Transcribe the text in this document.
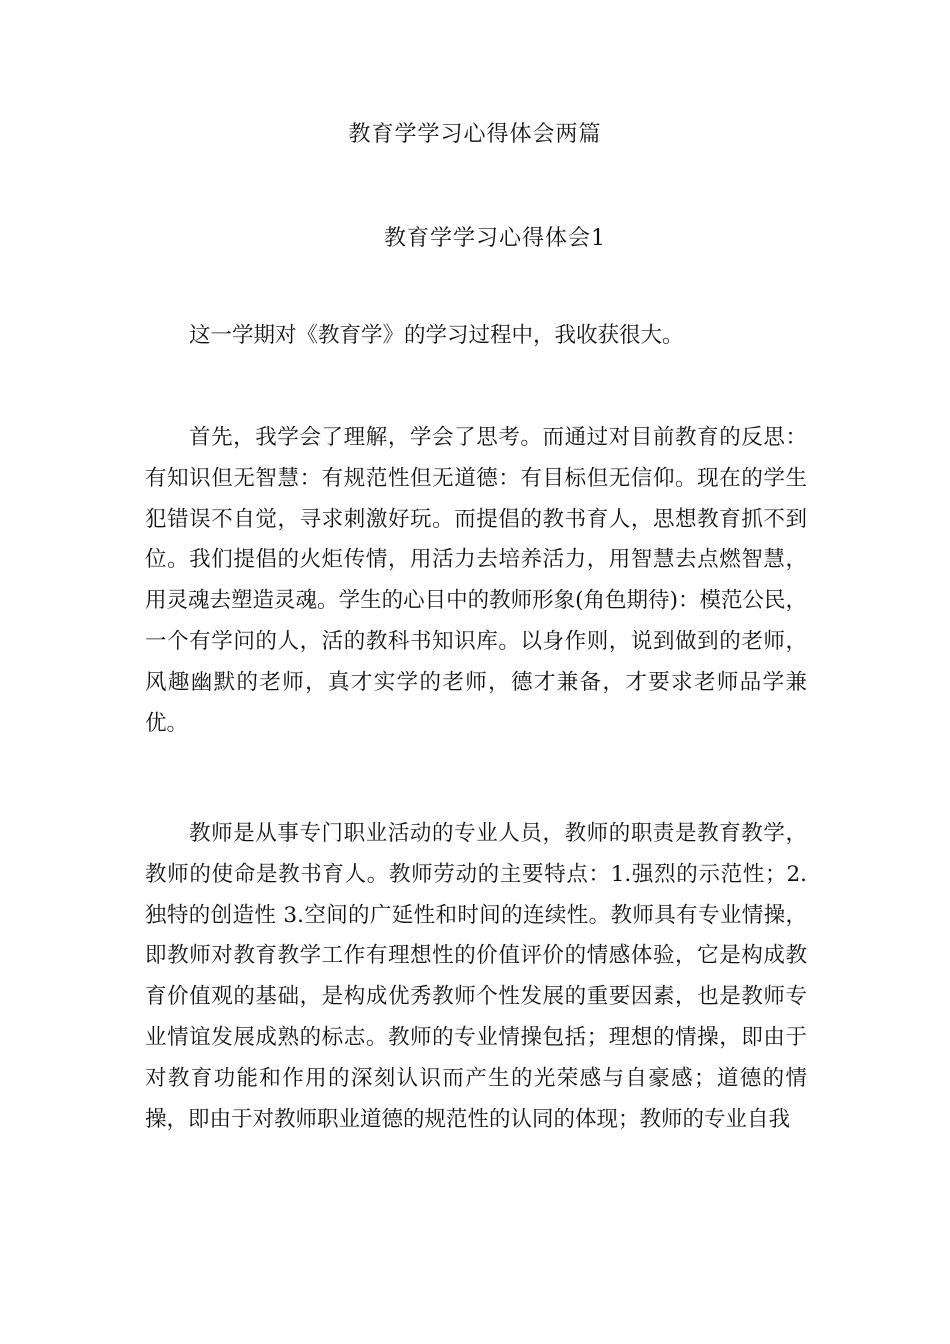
教育学学习心得体会两篇
教育学学习心得体会1

这一学期对《教育学》的学习过程中，我收获很大。

首先，我学会了理解，学会了思考。而通过对目前教育的反思：有知识但无智慧：有规范性但无道德：有目标但无信仰。现在的学生犯错误不自觉，寻求刺激好玩。而提倡的教书育人，思想教育抓不到位。我们提倡的火炬传情，用活力去培养活力，用智慧去点燃智慧，用灵魂去塑造灵魂。学生的心目中的教师形象(角色期待)：模范公民，一个有学问的人，活的教科书知识库。以身作则，说到做到的老师，风趣幽默的老师，真才实学的老师，德才兼备，才要求老师品学兼优。

教师是从事专门职业活动的专业人员，教师的职责是教育教学，教师的使命是教书育人。教师劳动的主要特点：1.强烈的示范性；2.独特的创造性 3.空间的广延性和时间的连续性。教师具有专业情操，即教师对教育教学工作有理想性的价值评价的情感体验，它是构成教育价值观的基础，是构成优秀教师个性发展的重要因素，也是教师专业情谊发展成熟的标志。教师的专业情操包括；理想的情操，即由于对教育功能和作用的深刻认识而产生的光荣感与自豪感；道德的情操，即由于对教师职业道德的规范性的认同的体现；教师的专业自我
